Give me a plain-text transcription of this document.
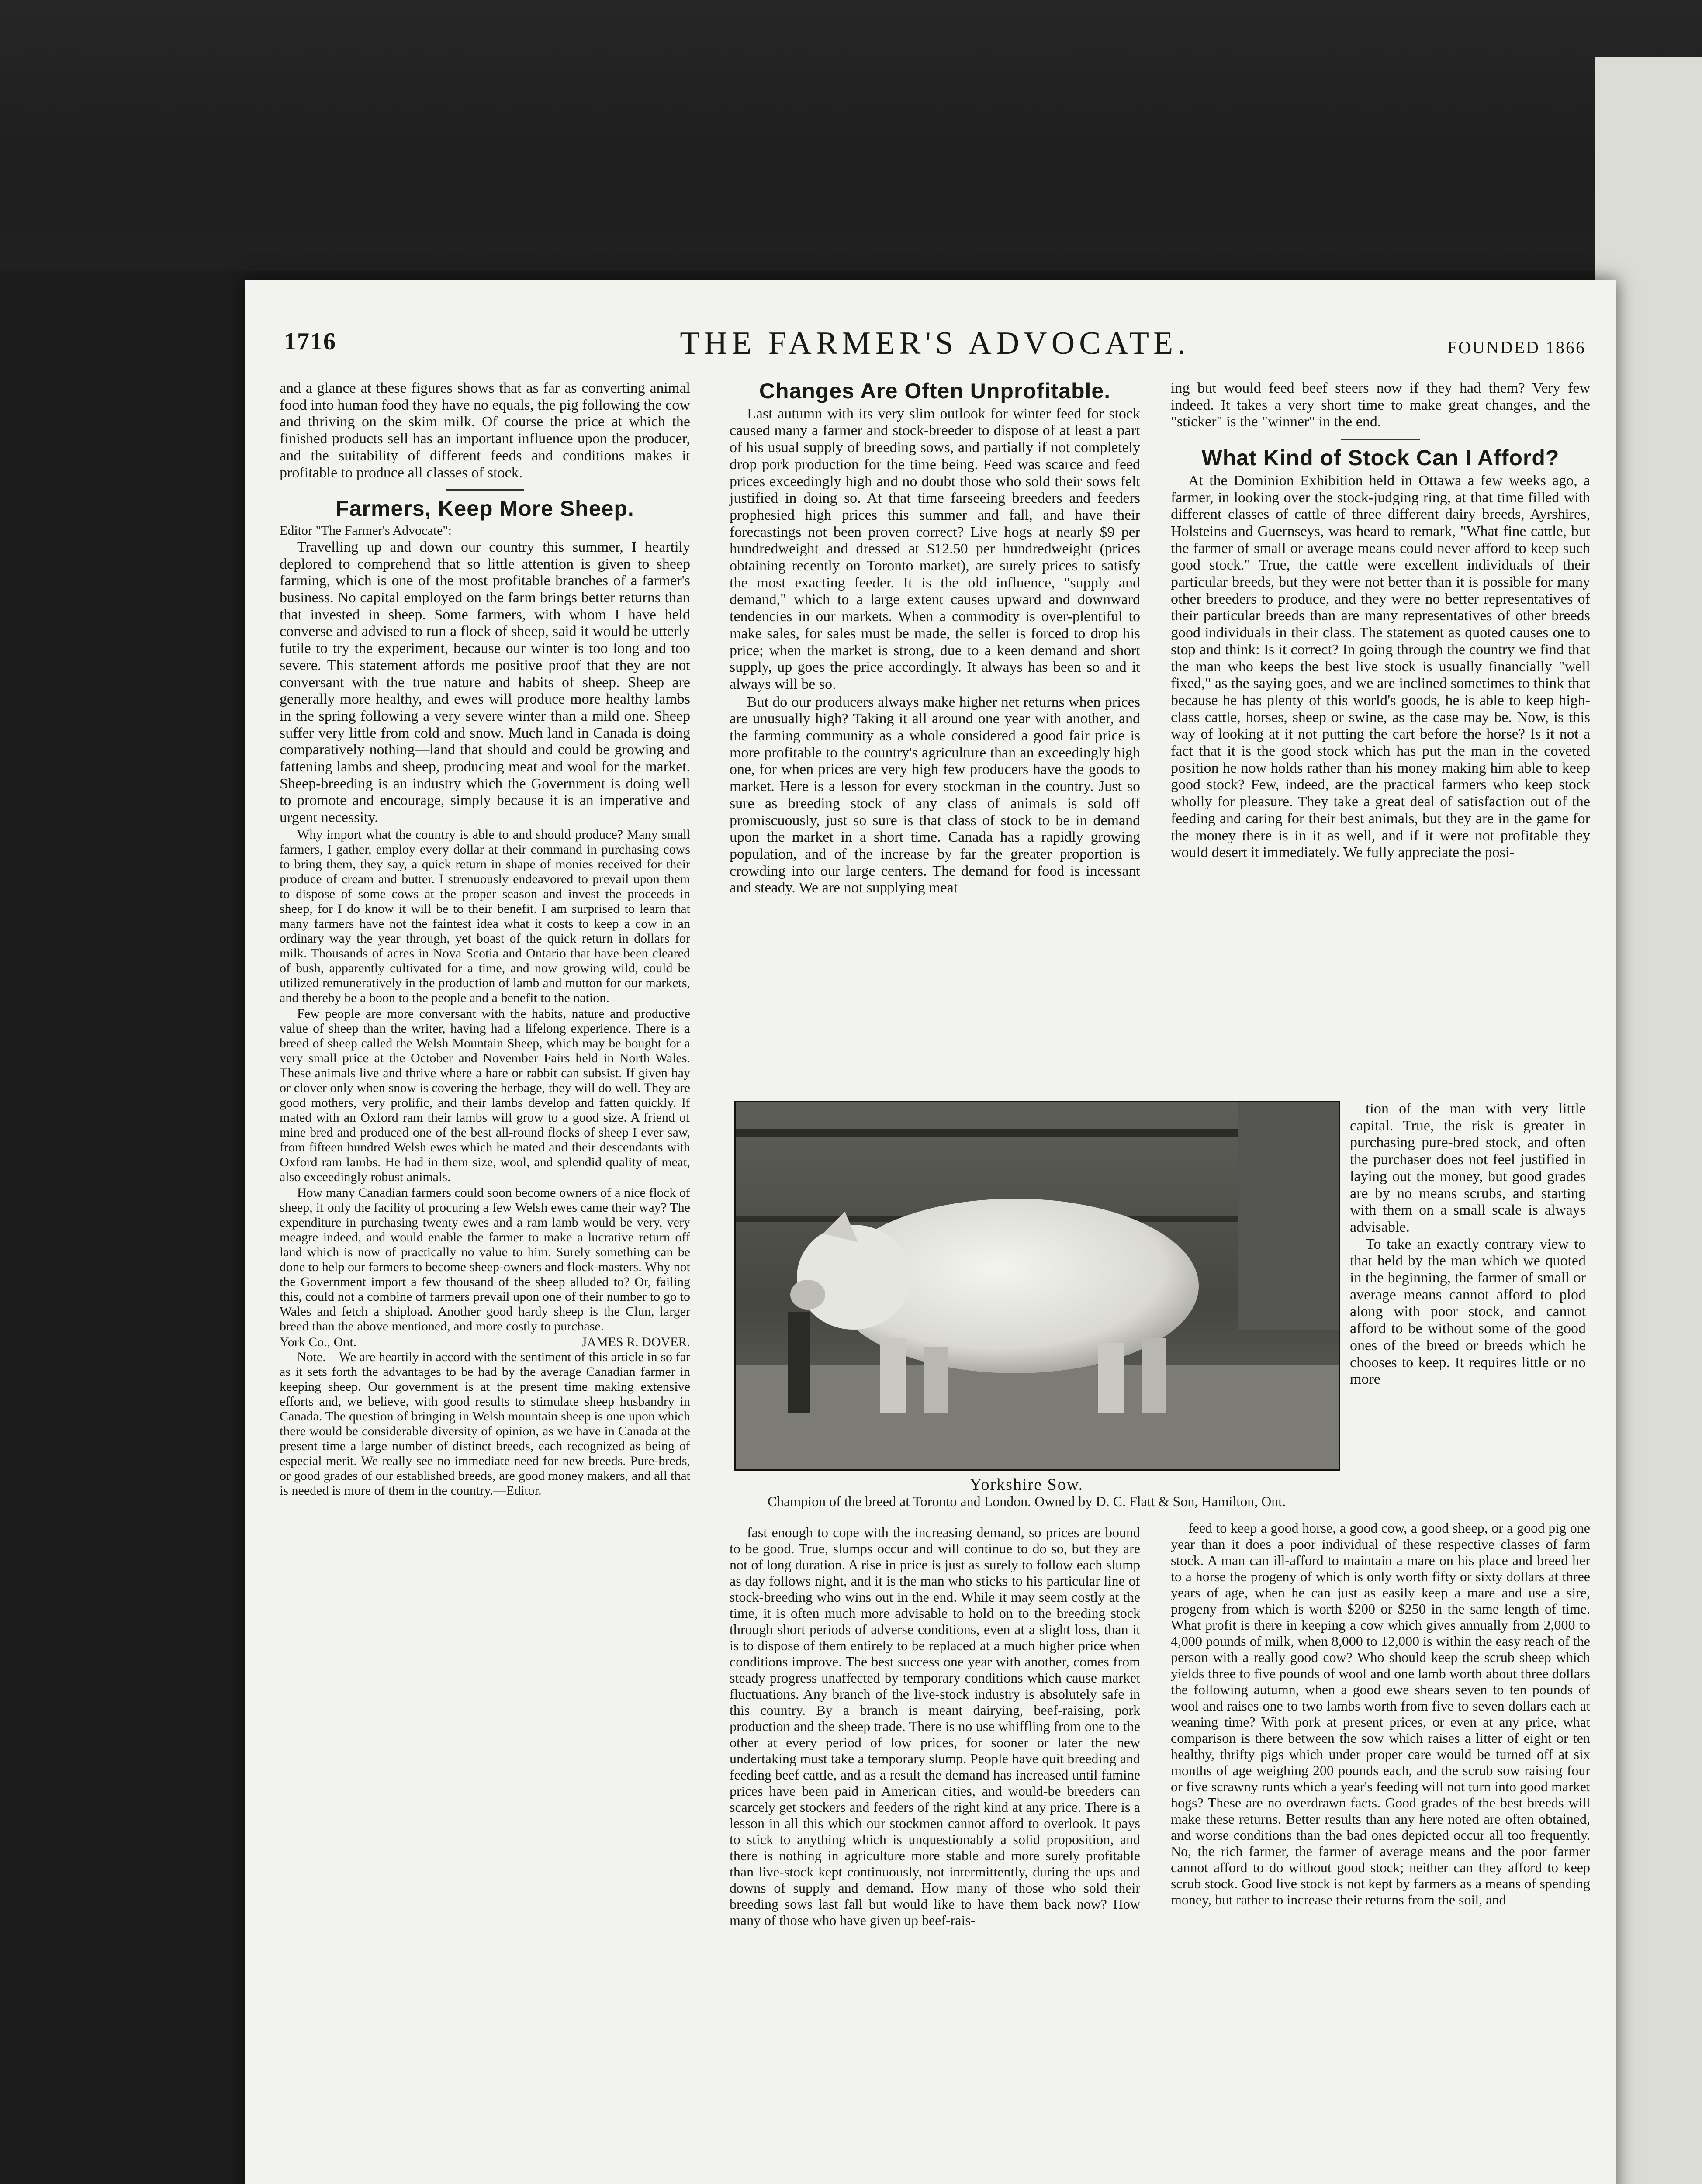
1716	THE FARMER'S ADVOCATE.	FOUNDED 1866

and a glance at these figures shows that as far as converting animal food into human food they have no equals, the pig following the cow and thriving on the skim milk. Of course the price at which the finished products sell has an important influence upon the producer, and the suitability of different feeds and conditions makes it profitable to produce all classes of stock.

Farmers, Keep More Sheep.

Editor "The Farmer's Advocate":

Travelling up and down our country this summer, I heartily deplored to comprehend that so little attention is given to sheep farming, which is one of the most profitable branches of a farmer's business. No capital employed on the farm brings better returns than that invested in sheep. Some farmers, with whom I have held converse and advised to run a flock of sheep, said it would be utterly futile to try the experiment, because our winter is too long and too severe. This statement affords me positive proof that they are not conversant with the true nature and habits of sheep. Sheep are generally more healthy, and ewes will produce more healthy lambs in the spring following a very severe winter than a mild one. Sheep suffer very little from cold and snow. Much land in Canada is doing comparatively nothing—land that should and could be growing and fattening lambs and sheep, producing meat and wool for the market. Sheep-breeding is an industry which the Government is doing well to promote and encourage, simply because it is an imperative and urgent necessity.

Why import what the country is able to and should produce? Many small farmers, I gather, employ every dollar at their command in purchasing cows to bring them, they say, a quick return in shape of monies received for their produce of cream and butter. I strenuously endeavored to prevail upon them to dispose of some cows at the proper season and invest the proceeds in sheep, for I do know it will be to their benefit. I am surprised to learn that many farmers have not the faintest idea what it costs to keep a cow in an ordinary way the year through, yet boast of the quick return in dollars for milk. Thousands of acres in Nova Scotia and Ontario that have been cleared of bush, apparently cultivated for a time, and now growing wild, could be utilized remuneratively in the production of lamb and mutton for our markets, and thereby be a boon to the people and a benefit to the nation.

Few people are more conversant with the habits, nature and productive value of sheep than the writer, having had a lifelong experience. There is a breed of sheep called the Welsh Mountain Sheep, which may be bought for a very small price at the October and November Fairs held in North Wales. These animals live and thrive where a hare or rabbit can subsist. If given hay or clover only when snow is covering the herbage, they will do well. They are good mothers, very prolific, and their lambs develop and fatten quickly. If mated with an Oxford ram their lambs will grow to a good size. A friend of mine bred and produced one of the best all-round flocks of sheep I ever saw, from fifteen hundred Welsh ewes which he mated and their descendants with Oxford ram lambs. He had in them size, wool, and splendid quality of meat, also exceedingly robust animals.

How many Canadian farmers could soon become owners of a nice flock of sheep, if only the facility of procuring a few Welsh ewes came their way? The expenditure in purchasing twenty ewes and a ram lamb would be very, very meagre indeed, and would enable the farmer to make a lucrative return off land which is now of practically no value to him. Surely something can be done to help our farmers to become sheep-owners and flock-masters. Why not the Government import a few thousand of the sheep alluded to? Or, failing this, could not a combine of farmers prevail upon one of their number to go to Wales and fetch a shipload. Another good hardy sheep is the Clun, larger breed than the above mentioned, and more costly to purchase.

York Co., Ont.	JAMES R. DOVER.

Note.—We are heartily in accord with the sentiment of this article in so far as it sets forth the advantages to be had by the average Canadian farmer in keeping sheep. Our government is at the present time making extensive efforts and, we believe, with good results to stimulate sheep husbandry in Canada. The question of bringing in Welsh mountain sheep is one upon which there would be considerable diversity of opinion, as we have in Canada at the present time a large number of distinct breeds, each recognized as being of especial merit. We really see no immediate need for new breeds. Pure-breds, or good grades of our established breeds, are good money makers, and all that is needed is more of them in the country.—Editor.

Changes Are Often Unprofitable.

Last autumn with its very slim outlook for winter feed for stock caused many a farmer and stock-breeder to dispose of at least a part of his usual supply of breeding sows, and partially if not completely drop pork production for the time being. Feed was scarce and feed prices exceedingly high and no doubt those who sold their sows felt justified in doing so. At that time farseeing breeders and feeders prophesied high prices this summer and fall, and have their forecastings not been proven correct? Live hogs at nearly $9 per hundredweight and dressed at $12.50 per hundredweight (prices obtaining recently on Toronto market), are surely prices to satisfy the most exacting feeder. It is the old influence, "supply and demand," which to a large extent causes upward and downward tendencies in our markets. When a commodity is over-plentiful to make sales, for sales must be made, the seller is forced to drop his price; when the market is strong, due to a keen demand and short supply, up goes the price accordingly. It always has been so and it always will be so.

But do our producers always make higher net returns when prices are unusually high? Taking it all around one year with another, and the farming community as a whole considered a good fair price is more profitable to the country's agriculture than an exceedingly high one, for when prices are very high few producers have the goods to market. Here is a lesson for every stockman in the country. Just so sure as breeding stock of any class of animals is sold off promiscuously, just so sure is that class of stock to be in demand upon the market in a short time. Canada has a rapidly growing population, and of the increase by far the greater proportion is crowding into our large centers. The demand for food is incessant and steady. We are not supplying meat

ing but would feed beef steers now if they had them? Very few indeed. It takes a very short time to make great changes, and the "sticker" is the "winner" in the end.

What Kind of Stock Can I Afford?

At the Dominion Exhibition held in Ottawa a few weeks ago, a farmer, in looking over the stock-judging ring, at that time filled with different classes of cattle of three different dairy breeds, Ayrshires, Holsteins and Guernseys, was heard to remark, "What fine cattle, but the farmer of small or average means could never afford to keep such good stock." True, the cattle were excellent individuals of their particular breeds, but they were not better than it is possible for many other breeders to produce, and they were no better representatives of their particular breeds than are many representatives of other breeds good individuals in their class. The statement as quoted causes one to stop and think: Is it correct? In going through the country we find that the man who keeps the best live stock is usually financially "well fixed," as the saying goes, and we are inclined sometimes to think that because he has plenty of this world's goods, he is able to keep high-class cattle, horses, sheep or swine, as the case may be. Now, is this way of looking at it not putting the cart before the horse? Is it not a fact that it is the good stock which has put the man in the coveted position he now holds rather than his money making him able to keep good stock? Few, indeed, are the practical farmers who keep stock wholly for pleasure. They take a great deal of satisfaction out of the feeding and caring for their best animals, but they are in the game for the money there is in it as well, and if it were not profitable they would desert it immediately. We fully appreciate the posi-

Yorkshire Sow.
Champion of the breed at Toronto and London. Owned by D. C. Flatt & Son, Hamilton, Ont.

tion of the man with very little capital. True, the risk is greater in purchasing pure-bred stock, and often the purchaser does not feel justified in laying out the money, but good grades are by no means scrubs, and starting with them on a small scale is always advisable.

To take an exactly contrary view to that held by the man which we quoted in the beginning, the farmer of small or average means cannot afford to plod along with poor stock, and cannot afford to be without some of the good ones of the breed or breeds which he chooses to keep. It requires little or no more

fast enough to cope with the increasing demand, so prices are bound to be good. True, slumps occur and will continue to do so, but they are not of long duration. A rise in price is just as surely to follow each slump as day follows night, and it is the man who sticks to his particular line of stock-breeding who wins out in the end. While it may seem costly at the time, it is often much more advisable to hold on to the breeding stock through short periods of adverse conditions, even at a slight loss, than it is to dispose of them entirely to be replaced at a much higher price when conditions improve. The best success one year with another, comes from steady progress unaffected by temporary conditions which cause market fluctuations. Any branch of the live-stock industry is absolutely safe in this country. By a branch is meant dairying, beef-raising, pork production and the sheep trade. There is no use whiffling from one to the other at every period of low prices, for sooner or later the new undertaking must take a temporary slump. People have quit breeding and feeding beef cattle, and as a result the demand has increased until famine prices have been paid in American cities, and would-be breeders can scarcely get stockers and feeders of the right kind at any price. There is a lesson in all this which our stockmen cannot afford to overlook. It pays to stick to anything which is unquestionably a solid proposition, and there is nothing in agriculture more stable and more surely profitable than live-stock kept continuously, not intermittently, during the ups and downs of supply and demand. How many of those who sold their breeding sows last fall but would like to have them back now? How many of those who have given up beef-rais-

feed to keep a good horse, a good cow, a good sheep, or a good pig one year than it does a poor individual of these respective classes of farm stock. A man can ill-afford to maintain a mare on his place and breed her to a horse the progeny of which is only worth fifty or sixty dollars at three years of age, when he can just as easily keep a mare and use a sire, progeny from which is worth $200 or $250 in the same length of time. What profit is there in keeping a cow which gives annually from 2,000 to 4,000 pounds of milk, when 8,000 to 12,000 is within the easy reach of the person with a really good cow? Who should keep the scrub sheep which yields three to five pounds of wool and one lamb worth about three dollars the following autumn, when a good ewe shears seven to ten pounds of wool and raises one to two lambs worth from five to seven dollars each at weaning time? With pork at present prices, or even at any price, what comparison is there between the sow which raises a litter of eight or ten healthy, thrifty pigs which under proper care would be turned off at six months of age weighing 200 pounds each, and the scrub sow raising four or five scrawny runts which a year's feeding will not turn into good market hogs? These are no overdrawn facts. Good grades of the best breeds will make these returns. Better results than any here noted are often obtained, and worse conditions than the bad ones depicted occur all too frequently. No, the rich farmer, the farmer of average means and the poor farmer cannot afford to do without good stock; neither can they afford to keep scrub stock. Good live stock is not kept by farmers as a means of spending money, but rather to increase their returns from the soil, and
